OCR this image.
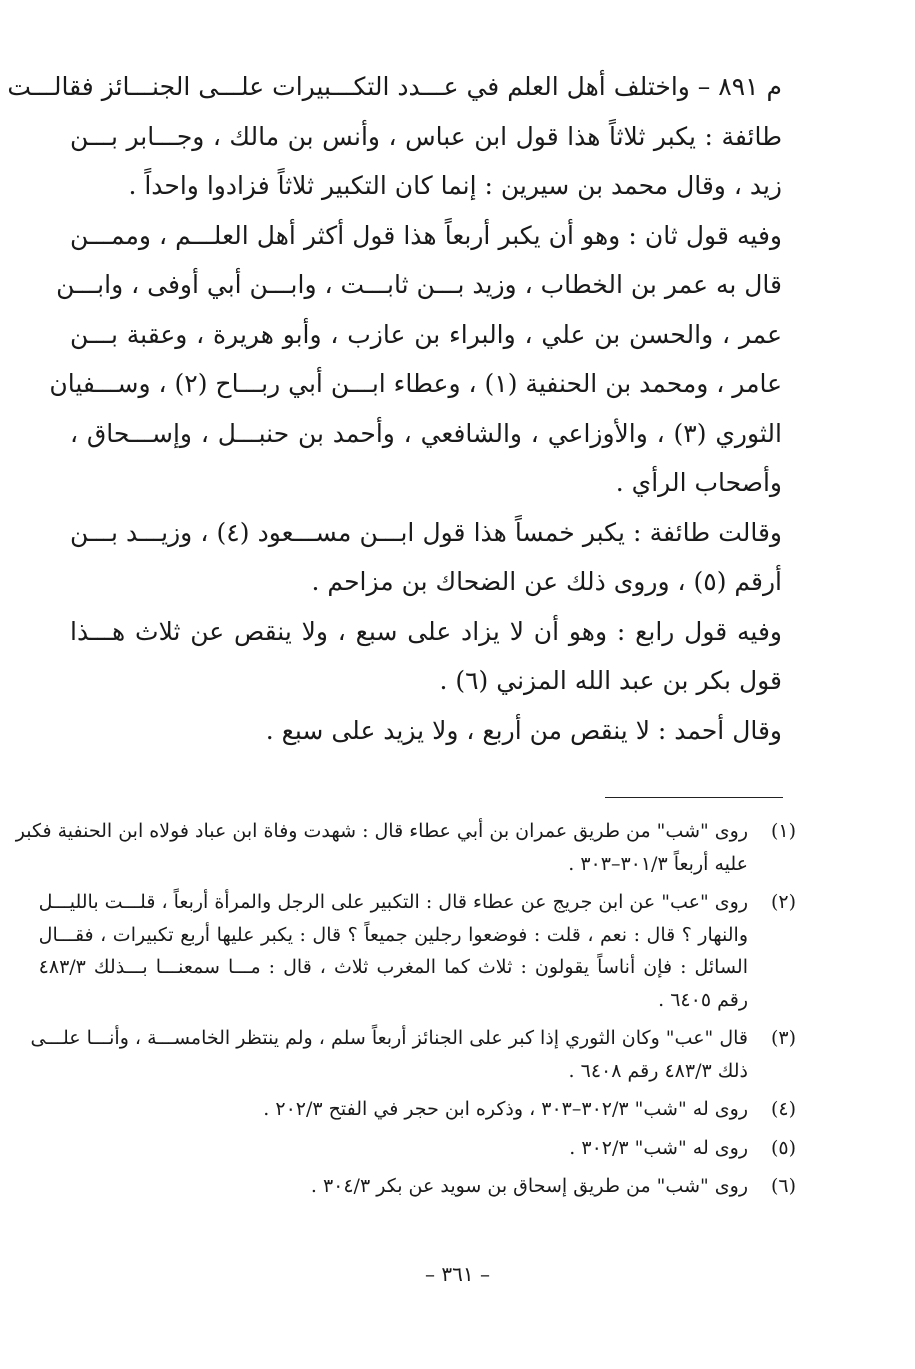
م ٨٩١ – واختلف أهل العلم في عـــدد التكـــبيرات علـــى الجنـــائز فقالـــت
طائفة : يكبر ثلاثاً هذا قول ابن عباس ، وأنس بن مالك ، وجـــابر بـــن
زيد ، وقال محمد بن سيرين : إنما كان التكبير ثلاثاً فزادوا واحداً .

وفيه قول ثان : وهو أن يكبر أربعاً هذا قول أكثر أهل العلـــم ، وممـــن
قال به عمر بن الخطاب ، وزيد بـــن ثابـــت ، وابـــن أبي أوفى ، وابـــن
عمر ، والحسن بن علي ، والبراء بن عازب ، وأبو هريرة ، وعقبة بـــن
عامر ، ومحمد بن الحنفية (١) ، وعطاء ابـــن أبي ربـــاح (٢) ، وســـفيان
الثوري (٣) ، والأوزاعي ، والشافعي ، وأحمد بن حنبـــل ، وإســـحاق ،
وأصحاب الرأي .

وقالت طائفة : يكبر خمساً هذا قول ابـــن مســـعود (٤) ، وزيـــد بـــن
أرقم (٥) ، وروى ذلك عن الضحاك بن مزاحم .

وفيه قول رابع : وهو أن لا يزاد على سبع ، ولا ينقص عن ثلاث هـــذا
قول بكر بن عبد الله المزني (٦) .

وقال أحمد : لا ينقص من أربع ، ولا يزيد على سبع .

(١)
روى "شب" من طريق عمران بن أبي عطاء قال : شهدت وفاة ابن عباد فولاه ابن الحنفية فكبر
عليه أربعاً ٣٠١/٣–٣٠٣ .
(٢)
روى "عب" عن ابن جريج عن عطاء قال : التكبير على الرجل والمرأة أربعاً ، قلـــت بالليـــل
والنهار ؟ قال : نعم ، قلت : فوضعوا رجلين جميعاً ؟ قال : يكبر عليها أربع تكبيرات ، فقـــال
السائل : فإن أناساً يقولون : ثلاث كما المغرب ثلاث ، قال : مـــا سمعنـــا بـــذلك ٤٨٣/٣
رقم ٦٤٠٥ .
(٣)
قال "عب" وكان الثوري إذا كبر على الجنائز أربعاً سلم ، ولم ينتظر الخامســـة ، وأنـــا علـــى
ذلك ٤٨٣/٣ رقم ٦٤٠٨ .
(٤)
روى له "شب" ٣٠٢/٣–٣٠٣ ، وذكره ابن حجر في الفتح ٢٠٢/٣ .
(٥)
روى له "شب" ٣٠٢/٣ .
(٦)
روى "شب" من طريق إسحاق بن سويد عن بكر ٣٠٤/٣ .
– ٣٦١ –
